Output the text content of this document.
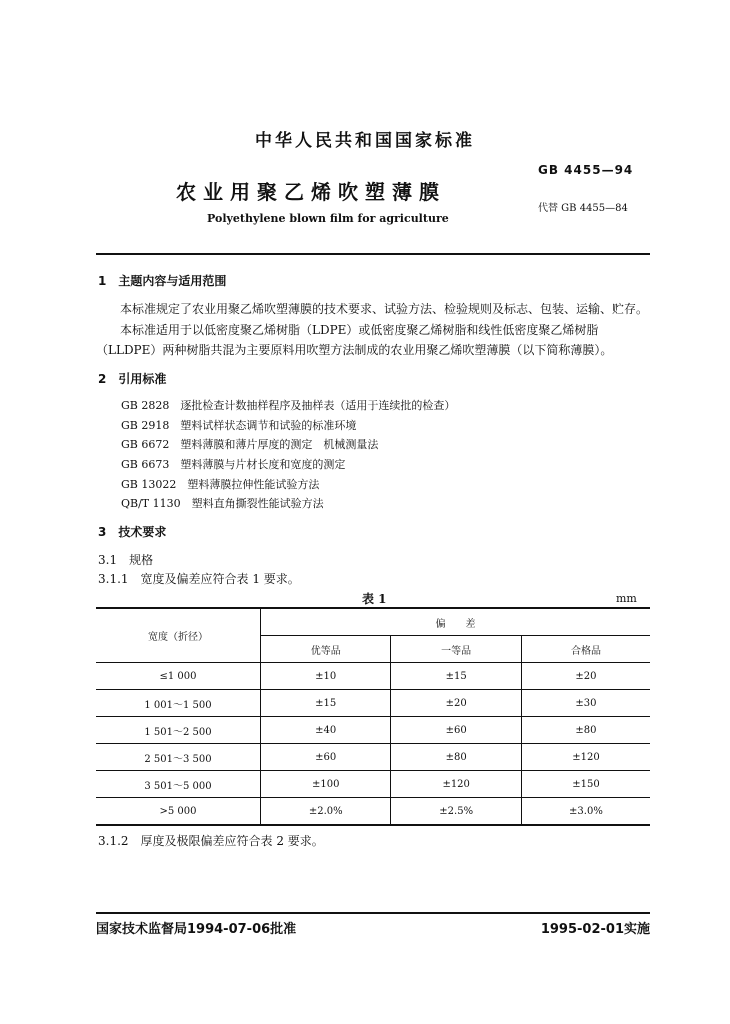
中华人民共和国国家标准
GB 4455—94
农业用聚乙烯吹塑薄膜
代替 GB 4455—84
Polyethylene blown film for agriculture
1　主题内容与适用范围
本标准规定了农业用聚乙烯吹塑薄膜的技术要求、试验方法、检验规则及标志、包装、运输、贮存。
本标准适用于以低密度聚乙烯树脂（LDPE）或低密度聚乙烯树脂和线性低密度聚乙烯树脂
（LLDPE）两种树脂共混为主要原料用吹塑方法制成的农业用聚乙烯吹塑薄膜（以下简称薄膜）。
2　引用标准
GB 2828　逐批检查计数抽样程序及抽样表（适用于连续批的检查）
GB 2918　塑料试样状态调节和试验的标准环境
GB 6672　塑料薄膜和薄片厚度的测定　机械测量法
GB 6673　塑料薄膜与片材长度和宽度的测定
GB 13022　塑料薄膜拉伸性能试验方法
QB/T 1130　塑料直角撕裂性能试验方法
3　技术要求
3.1　规格
3.1.1　宽度及偏差应符合表 1 要求。
表 1	mm
宽度（折径）	偏　　差		
	优等品	一等品	合格品
≤1 000	±10	±15	±20
1 001～1 500	±15	±20	±30
1 501～2 500	±40	±60	±80
2 501～3 500	±60	±80	±120
3 501～5 000	±100	±120	±150
>5 000	±2.0%	±2.5%	±3.0%
3.1.2　厚度及极限偏差应符合表 2 要求。
国家技术监督局1994-07-06批准	1995-02-01实施
